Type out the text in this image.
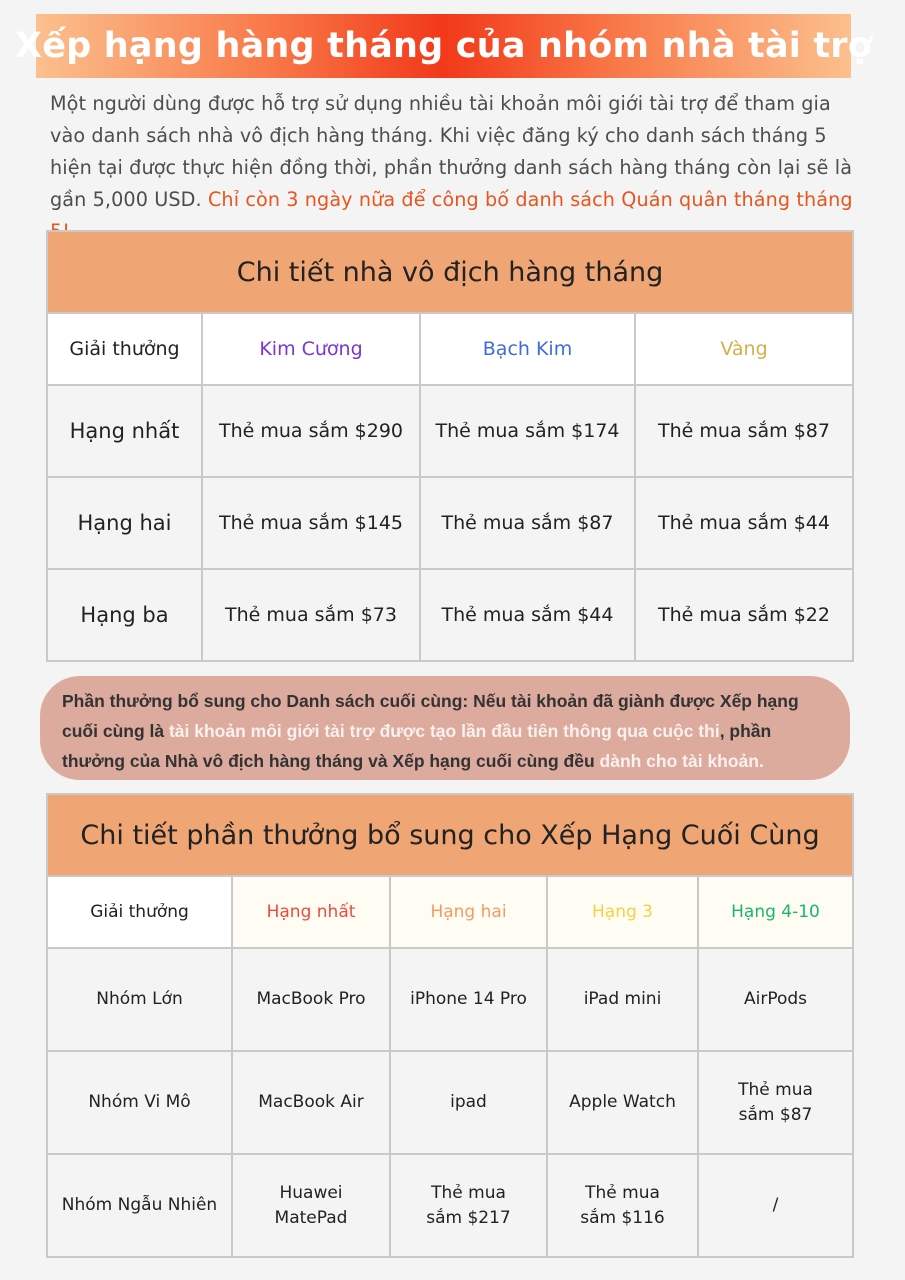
Xếp hạng hàng tháng của nhóm nhà tài trợ
Một người dùng được hỗ trợ sử dụng nhiều tài khoản môi giới tài trợ để tham gia vào danh sách nhà vô địch hàng tháng. Khi việc đăng ký cho danh sách tháng 5 hiện tại được thực hiện đồng thời, phần thưởng danh sách hàng tháng còn lại sẽ là gần 5,000 USD. Chỉ còn 3 ngày nữa để công bố danh sách Quán quân tháng tháng
Chi tiết nhà vô địch hàng tháng			
Giải thưởng	Kim Cương	Bạch Kim	Vàng
Hạng nhất	Thẻ mua sắm $290	Thẻ mua sắm $174	Thẻ mua sắm $87
Hạng hai	Thẻ mua sắm $145	Thẻ mua sắm $87	Thẻ mua sắm $44
Hạng ba	Thẻ mua sắm $73	Thẻ mua sắm $44	Thẻ mua sắm $22

Phần thưởng bổ sung cho Danh sách cuối cùng: Nếu tài khoản đã giành được Xếp hạng cuối cùng là tài khoản môi giới tài trợ được tạo lần đầu tiên thông qua cuộc thi, phần thưởng của Nhà vô địch hàng tháng và Xếp hạng cuối cùng đều dành cho tài khoản.

Chi tiết phần thưởng bổ sung cho Xếp Hạng Cuối Cùng				
Giải thưởng	Hạng nhất	Hạng hai	Hạng 3	Hạng 4-10
Nhóm Lớn	MacBook Pro	iPhone 14 Pro	iPad mini	AirPods
Nhóm Vi Mô	MacBook Air	ipad	Apple Watch	Thẻ mua sắm $87
Nhóm Ngẫu Nhiên	Huawei MatePad	Thẻ mua sắm $217	Thẻ mua sắm $116	/
